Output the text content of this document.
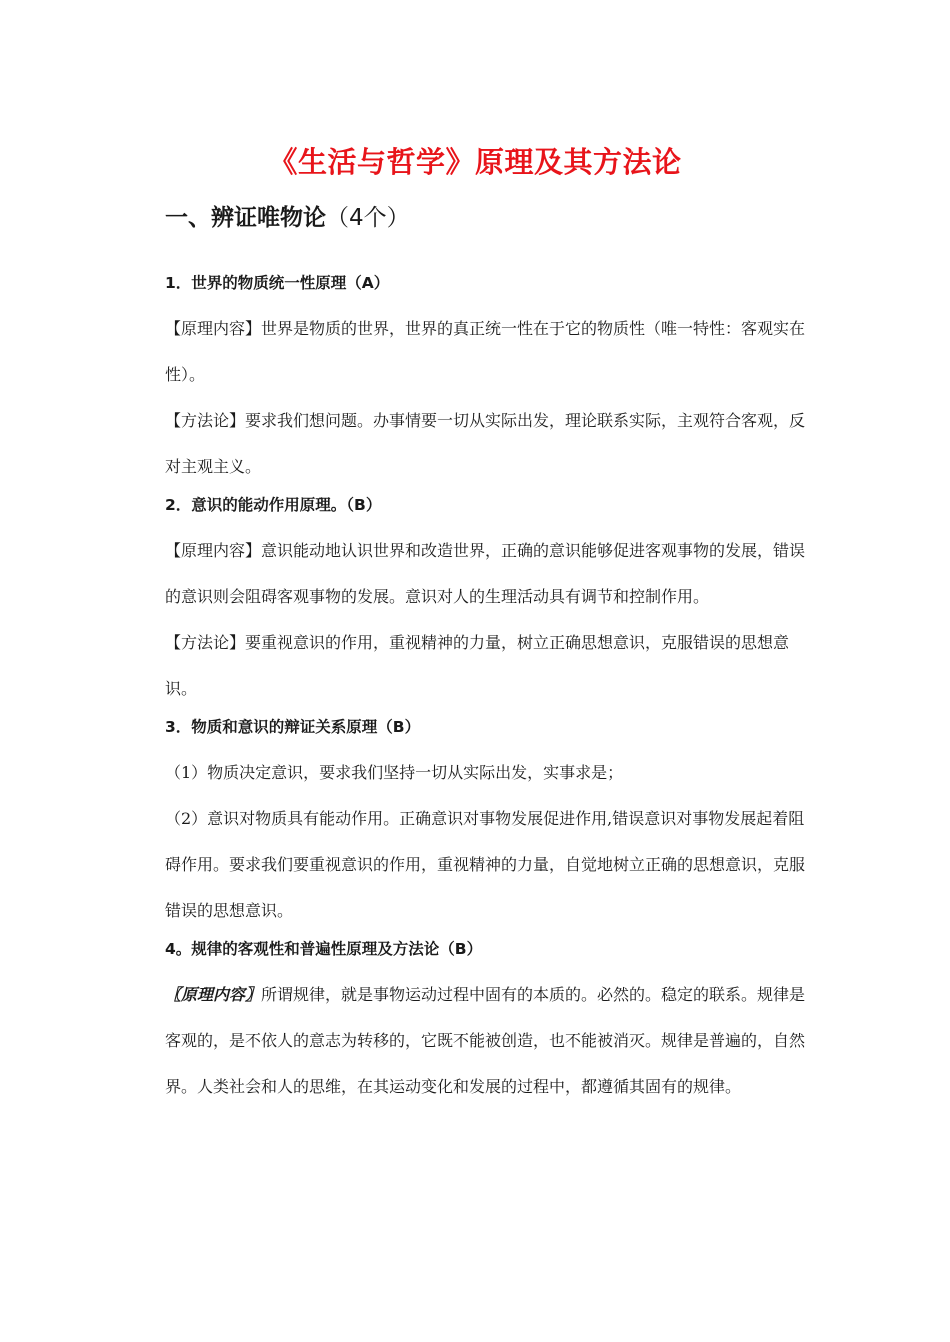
《生活与哲学》原理及其方法论
一、辨证唯物论（4个）
1．世界的物质统一性原理（A）

【原理内容】世界是物质的世界，世界的真正统一性在于它的物质性（唯一特性：客观实在性）。

【方法论】要求我们想问题。办事情要一切从实际出发，理论联系实际，主观符合客观，反对主观主义。

2．意识的能动作用原理。（B）

【原理内容】意识能动地认识世界和改造世界，正确的意识能够促进客观事物的发展，错误的意识则会阻碍客观事物的发展。意识对人的生理活动具有调节和控制作用。

【方法论】要重视意识的作用，重视精神的力量，树立正确思想意识，克服错误的思想意识。

3．物质和意识的辩证关系原理（B）

（1）物质决定意识，要求我们坚持一切从实际出发，实事求是；

（2）意识对物质具有能动作用。正确意识对事物发展促进作用,错误意识对事物发展起着阻碍作用。要求我们要重视意识的作用，重视精神的力量，自觉地树立正确的思想意识，克服错误的思想意识。

4。规律的客观性和普遍性原理及方法论（B）

〖原理内容〗所谓规律，就是事物运动过程中固有的本质的。必然的。稳定的联系。规律是客观的，是不依人的意志为转移的，它既不能被创造，也不能被消灭。规律是普遍的，自然界。人类社会和人的思维，在其运动变化和发展的过程中，都遵循其固有的规律。
